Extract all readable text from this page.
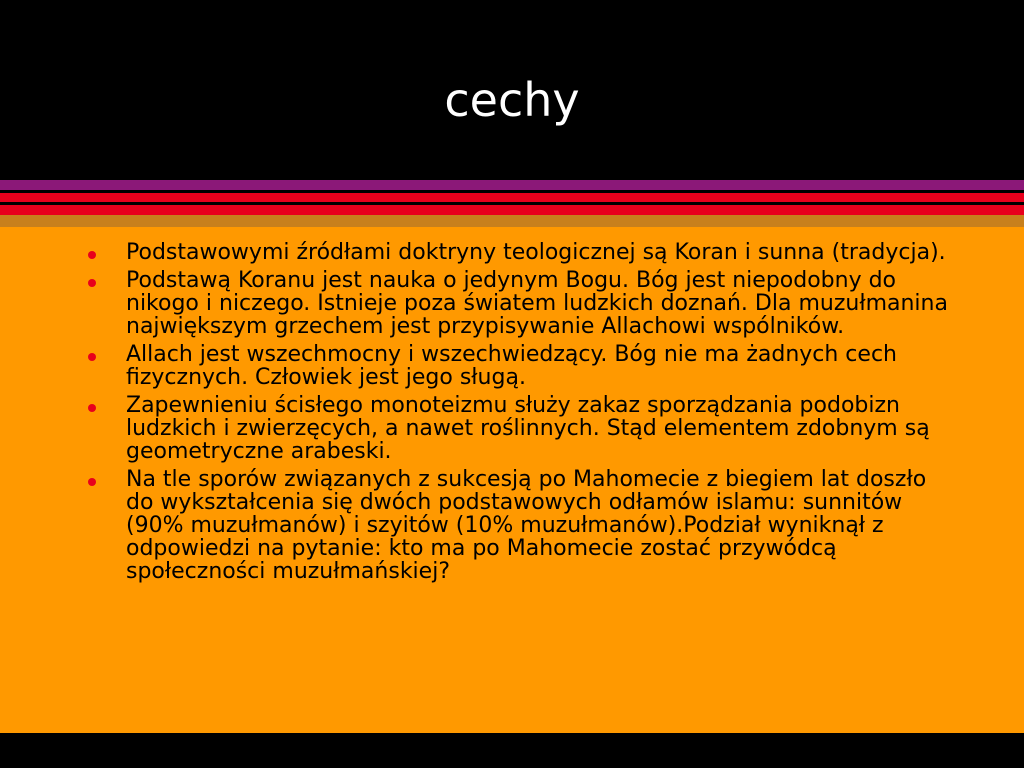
cechy
Podstawowymi źródłami doktryny teologicznej są Koran i sunna (tradycja).
Podstawą Koranu jest nauka o jedynym Bogu. Bóg jest niepodobny do nikogo i niczego. Istnieje poza światem ludzkich doznań. Dla muzułmanina największym grzechem jest przypisywanie Allachowi wspólników.
Allach jest wszechmocny i wszechwiedzący. Bóg nie ma żadnych cech fizycznych. Człowiek jest jego sługą.
Zapewnieniu ścisłego monoteizmu służy zakaz sporządzania podobizn ludzkich i zwierzęcych, a nawet roślinnych. Stąd elementem zdobnym są geometryczne arabeski.
Na tle sporów związanych z sukcesją po Mahomecie z biegiem lat doszło do wykształcenia się dwóch podstawowych odłamów islamu: sunnitów (90% muzułmanów) i szyitów (10% muzułmanów).Podział wyniknął z odpowiedzi na pytanie: kto ma po Mahomecie zostać przywódcą społeczności muzułmańskiej?
